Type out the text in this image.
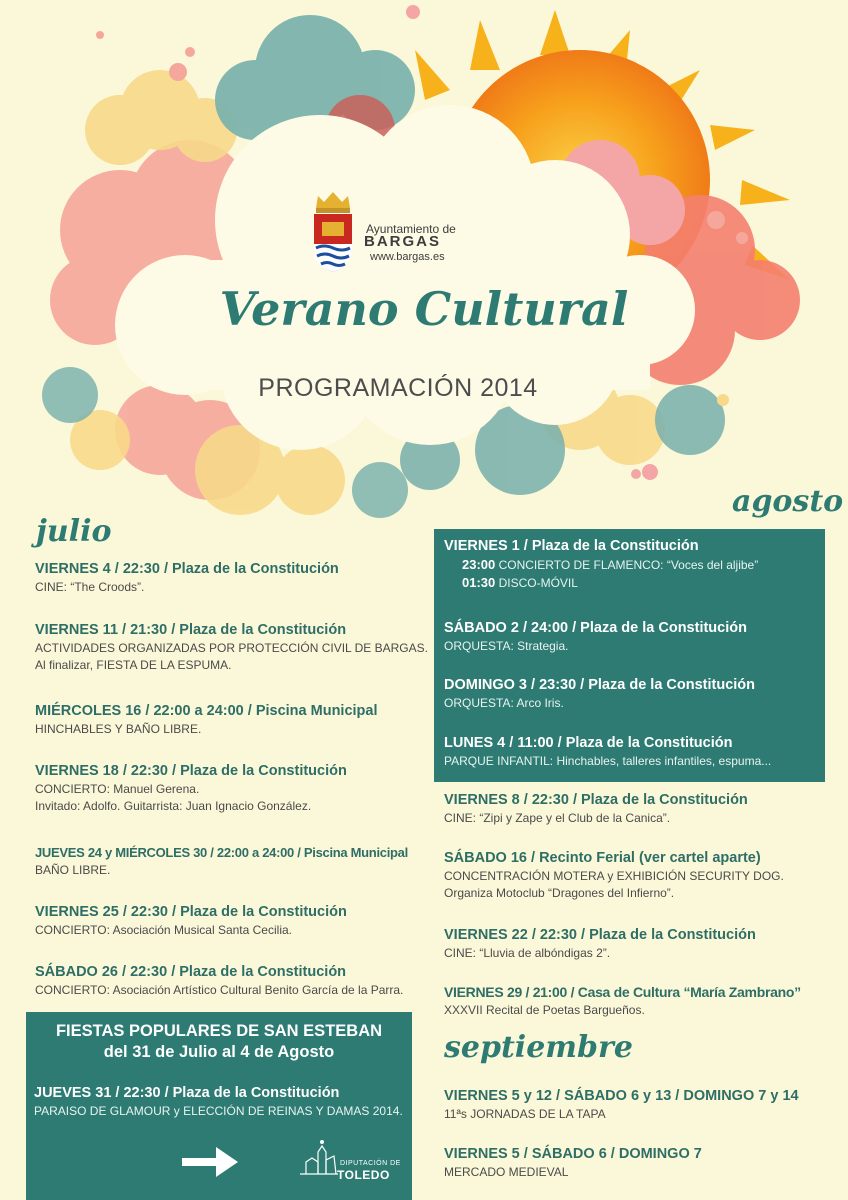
Ayuntamiento de
BARGAS
www.bargas.es
Verano Cultural
PROGRAMACIÓN 2014
julio
VIERNES 4 / 22:30 / Plaza de la Constitución
CINE: “The Croods”.
VIERNES 11 / 21:30 / Plaza de la Constitución
ACTIVIDADES ORGANIZADAS POR PROTECCIÓN CIVIL DE BARGAS.
Al finalizar, FIESTA DE LA ESPUMA.
MIÉRCOLES 16 / 22:00 a 24:00 / Piscina Municipal
HINCHABLES Y BAÑO LIBRE.
VIERNES 18 / 22:30 / Plaza de la Constitución
CONCIERTO: Manuel Gerena.
Invitado: Adolfo. Guitarrista: Juan Ignacio González.
JUEVES 24 y MIÉRCOLES 30 / 22:00 a 24:00 / Piscina Municipal
BAÑO LIBRE.
VIERNES 25 / 22:30 / Plaza de la Constitución
CONCIERTO: Asociación Musical Santa Cecilia.
SÁBADO 26 / 22:30 / Plaza de la Constitución
CONCIERTO: Asociación Artístico Cultural Benito García de la Parra.
FIESTAS POPULARES DE SAN ESTEBAN
del 31 de Julio al 4 de Agosto
JUEVES 31 / 22:30 / Plaza de la Constitución
PARAISO DE GLAMOUR y ELECCIÓN DE REINAS Y DAMAS 2014.
DIPUTACIÓN DE
TOLEDO
agosto
VIERNES 1 / Plaza de la Constitución
23:00 CONCIERTO DE FLAMENCO: “Voces del aljibe”
01:30 DISCO-MÓVIL
SÁBADO 2 / 24:00 / Plaza de la Constitución
ORQUESTA: Strategia.
DOMINGO 3 / 23:30 / Plaza de la Constitución
ORQUESTA: Arco Iris.
LUNES 4 / 11:00 / Plaza de la Constitución
PARQUE INFANTIL: Hinchables, talleres infantiles, espuma...
VIERNES 8 / 22:30 / Plaza de la Constitución
CINE: “Zipi y Zape y el Club de la Canica”.
SÁBADO 16 / Recinto Ferial (ver cartel aparte)
CONCENTRACIÓN MOTERA y EXHIBICIÓN SECURITY DOG.
Organiza Motoclub “Dragones del Infierno”.
VIERNES 22 / 22:30 / Plaza de la Constitución
CINE: “Lluvia de albóndigas 2”.
VIERNES 29 / 21:00 / Casa de Cultura “María Zambrano”
XXXVII Recital de Poetas Bargueños.
septiembre
VIERNES 5 y 12 / SÁBADO 6 y 13 / DOMINGO 7 y 14
11ªs JORNADAS DE LA TAPA
VIERNES 5 / SÁBADO 6 / DOMINGO 7
MERCADO MEDIEVAL
